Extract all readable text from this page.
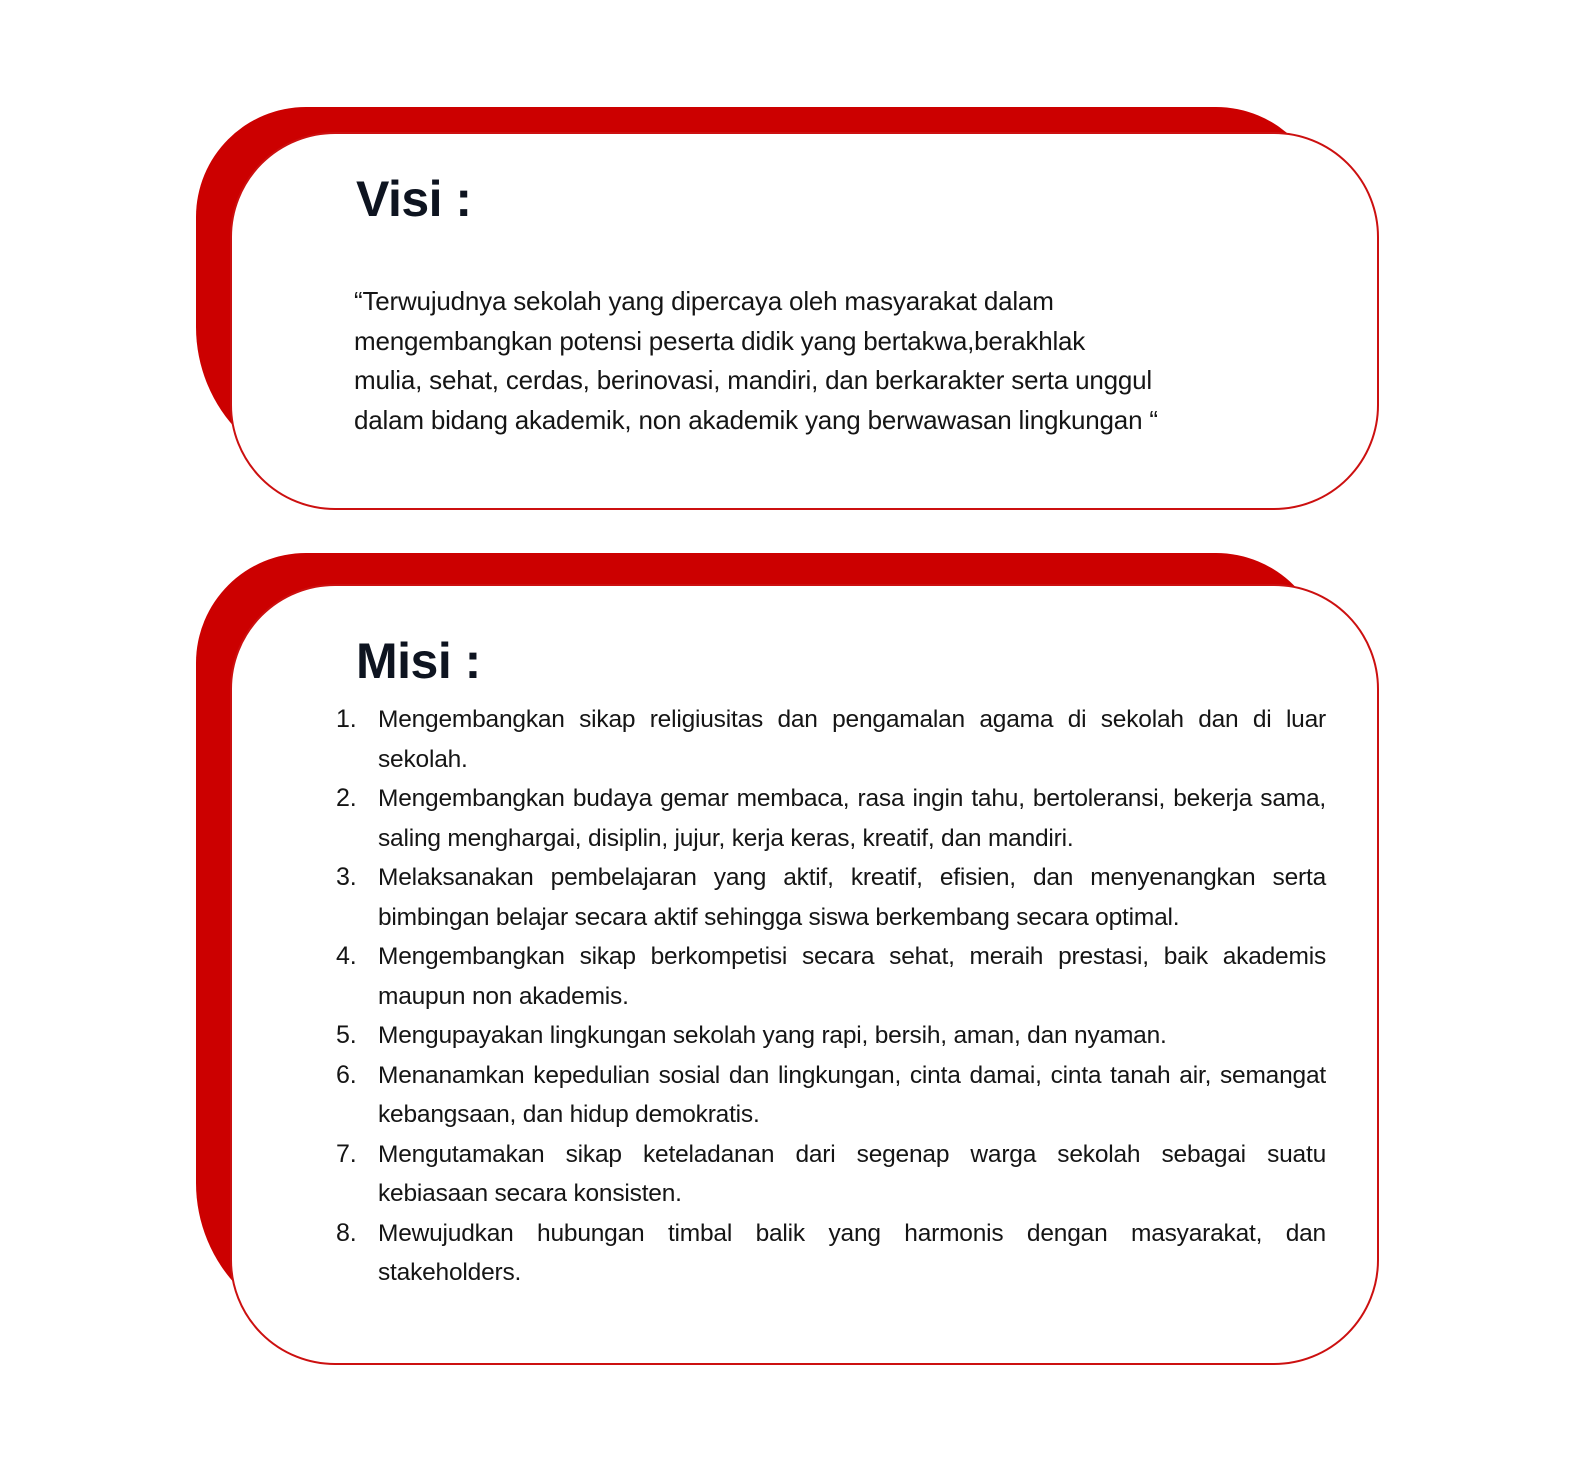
Visi :
“Terwujudnya sekolah yang dipercaya oleh masyarakat dalam
mengembangkan potensi peserta didik yang bertakwa,berakhlak
mulia, sehat, cerdas, berinovasi, mandiri, dan berkarakter serta unggul
dalam bidang akademik, non akademik yang berwawasan lingkungan “
Misi :
1. Mengembangkan sikap religiusitas dan pengamalan agama di sekolah dan di luar sekolah.
2. Mengembangkan budaya gemar membaca, rasa ingin tahu, bertoleransi, bekerja sama, saling menghargai, disiplin, jujur, kerja keras, kreatif, dan mandiri.
3. Melaksanakan pembelajaran yang aktif, kreatif, efisien, dan menyenangkan serta bimbingan belajar secara aktif sehingga siswa berkembang secara optimal.
4. Mengembangkan sikap berkompetisi secara sehat, meraih prestasi, baik akademis maupun non akademis.
5. Mengupayakan lingkungan sekolah yang rapi, bersih, aman, dan nyaman.
6. Menanamkan kepedulian sosial dan lingkungan, cinta damai, cinta tanah air, semangat kebangsaan, dan hidup demokratis.
7. Mengutamakan sikap keteladanan dari segenap warga sekolah sebagai suatu kebiasaan secara konsisten.
8. Mewujudkan hubungan timbal balik yang harmonis dengan masyarakat, dan stakeholders.
